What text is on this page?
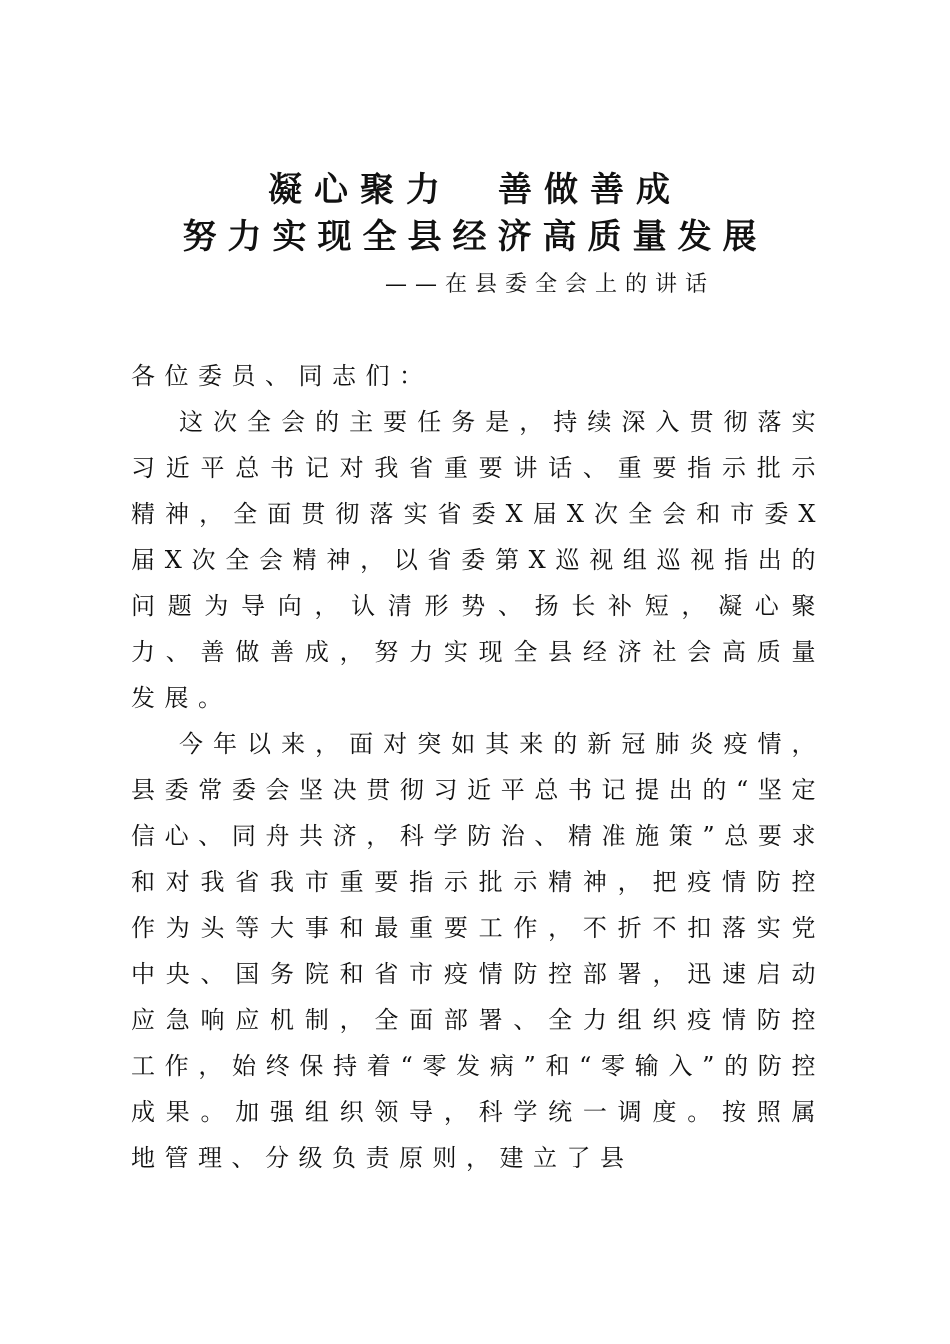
凝心聚力　善做善成
努力实现全县经济高质量发展
——在县委全会上的讲话

各位委员、同志们：

这次全会的主要任务是，持续深入贯彻落实习近平总书记对我省重要讲话、重要指示批示精神，全面贯彻落实省委X届X次全会和市委X届X次全会精神，以省委第X巡视组巡视指出的问题为导向，认清形势、扬长补短，凝心聚力、善做善成，努力实现全县经济社会高质量发展。

今年以来，面对突如其来的新冠肺炎疫情，县委常委会坚决贯彻习近平总书记提出的“坚定信心、同舟共济，科学防治、精准施策”总要求和对我省我市重要指示批示精神，把疫情防控作为头等大事和最重要工作，不折不扣落实党中央、国务院和省市疫情防控部署，迅速启动应急响应机制，全面部署、全力组织疫情防控工作，始终保持着“零发病”和“零输入”的防控成果。加强组织领导，科学统一调度。按照属地管理、分级负责原则，建立了县
